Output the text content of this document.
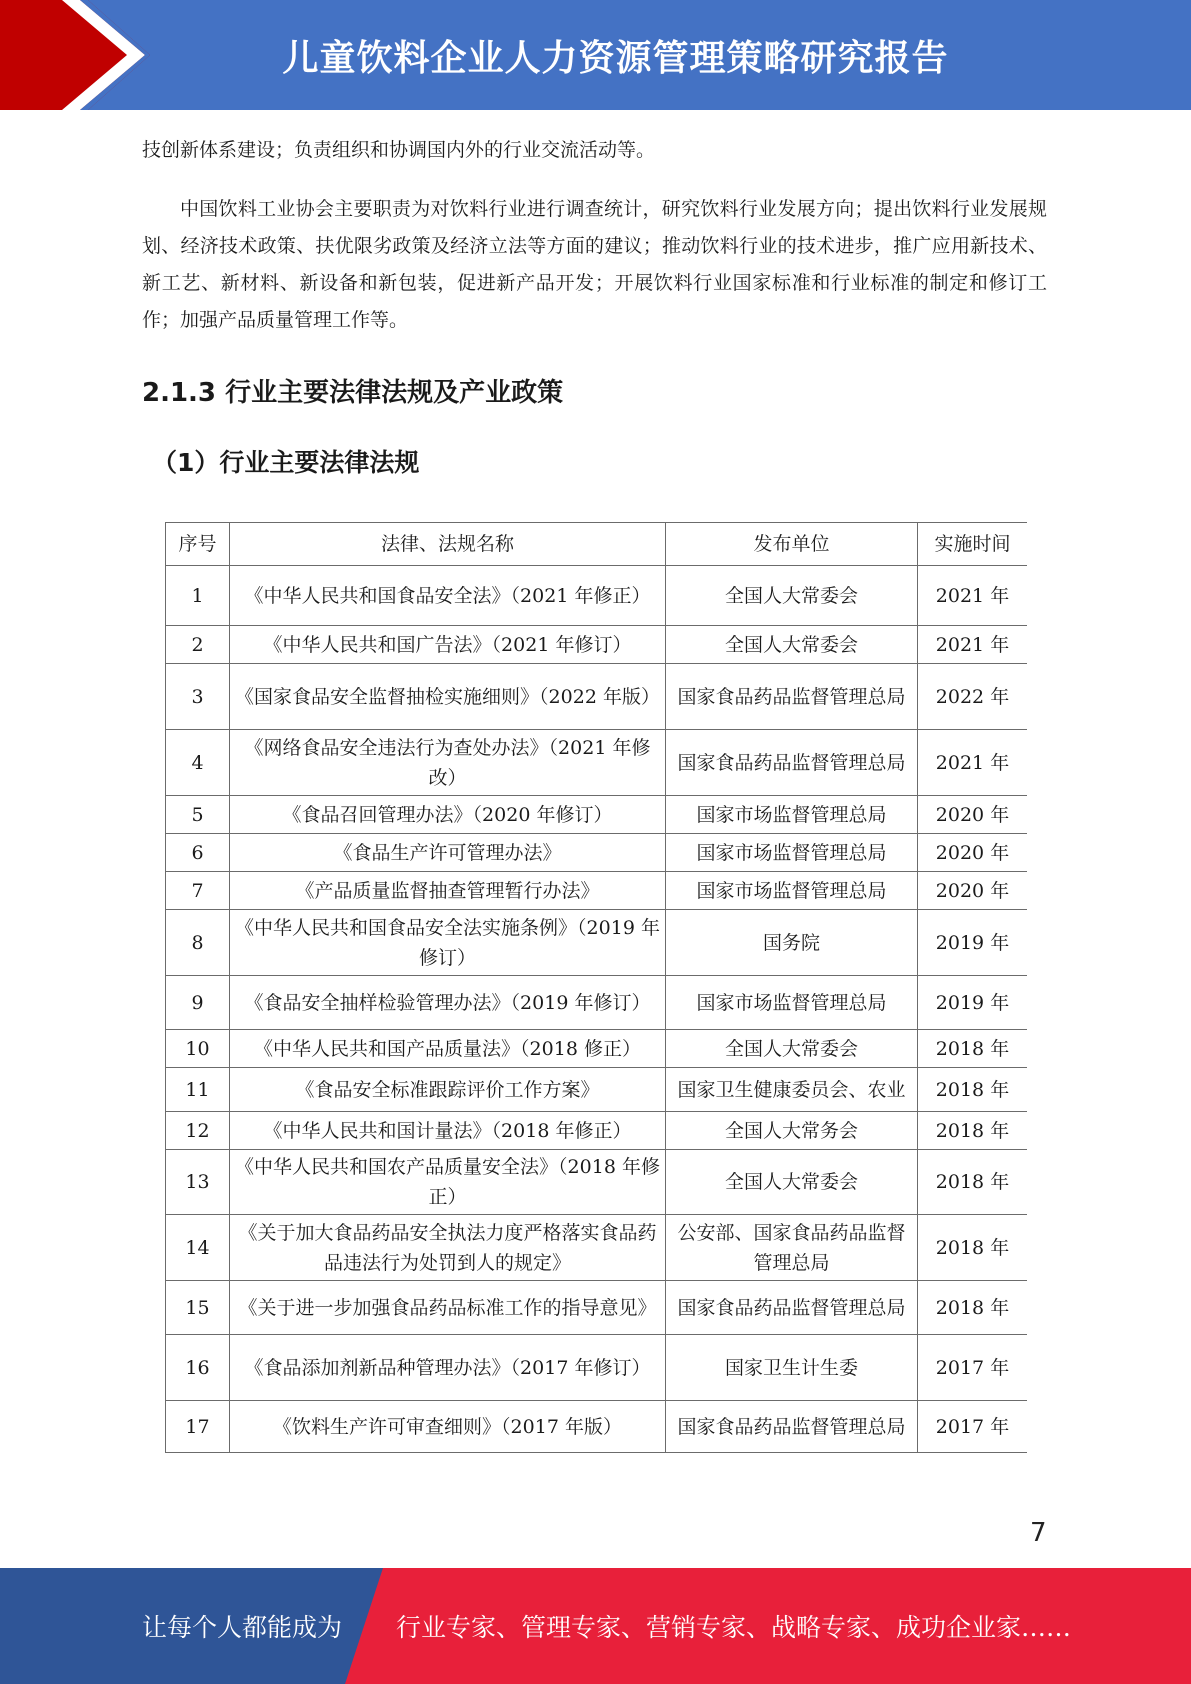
儿童饮料企业人力资源管理策略研究报告

技创新体系建设；负责组织和协调国内外的行业交流活动等。

中国饮料工业协会主要职责为对饮料行业进行调查统计，研究饮料行业发展方向；提出饮料行业发展规划、经济技术政策、扶优限劣政策及经济立法等方面的建议；推动饮料行业的技术进步，推广应用新技术、新工艺、新材料、新设备和新包装，促进新产品开发；开展饮料行业国家标准和行业标准的制定和修订工作；加强产品质量管理工作等。

2.1.3 行业主要法律法规及产业政策
（1）行业主要法律法规
序号	法律、法规名称	发布单位	实施时间
1	《中华人民共和国食品安全法》（2021 年修正）	全国人大常委会	2021 年
2	《中华人民共和国广告法》（2021 年修订）	全国人大常委会	2021 年
3	《国家食品安全监督抽检实施细则》（2022 年版）	国家食品药品监督管理总局	2022 年
4	《网络食品安全违法行为查处办法》（2021 年修改）	国家食品药品监督管理总局	2021 年
5	《食品召回管理办法》（2020 年修订）	国家市场监督管理总局	2020 年
6	《食品生产许可管理办法》	国家市场监督管理总局	2020 年
7	《产品质量监督抽查管理暂行办法》	国家市场监督管理总局	2020 年
8	《中华人民共和国食品安全法实施条例》（2019 年修订）	国务院	2019 年
9	《食品安全抽样检验管理办法》（2019 年修订）	国家市场监督管理总局	2019 年
10	《中华人民共和国产品质量法》（2018 修正）	全国人大常委会	2018 年
11	《食品安全标准跟踪评价工作方案》	国家卫生健康委员会、农业	2018 年
12	《中华人民共和国计量法》（2018 年修正）	全国人大常务会	2018 年
13	《中华人民共和国农产品质量安全法》（2018 年修正）	全国人大常委会	2018 年
14	《关于加大食品药品安全执法力度严格落实食品药品违法行为处罚到人的规定》	公安部、国家食品药品监督管理总局	2018 年
15	《关于进一步加强食品药品标准工作的指导意见》	国家食品药品监督管理总局	2018 年
16	《食品添加剂新品种管理办法》（2017 年修订）	国家卫生计生委	2017 年
17	《饮料生产许可审查细则》（2017 年版）	国家食品药品监督管理总局	2017 年
7
让每个人都能成为 行业专家、管理专家、营销专家、战略专家、成功企业家……
